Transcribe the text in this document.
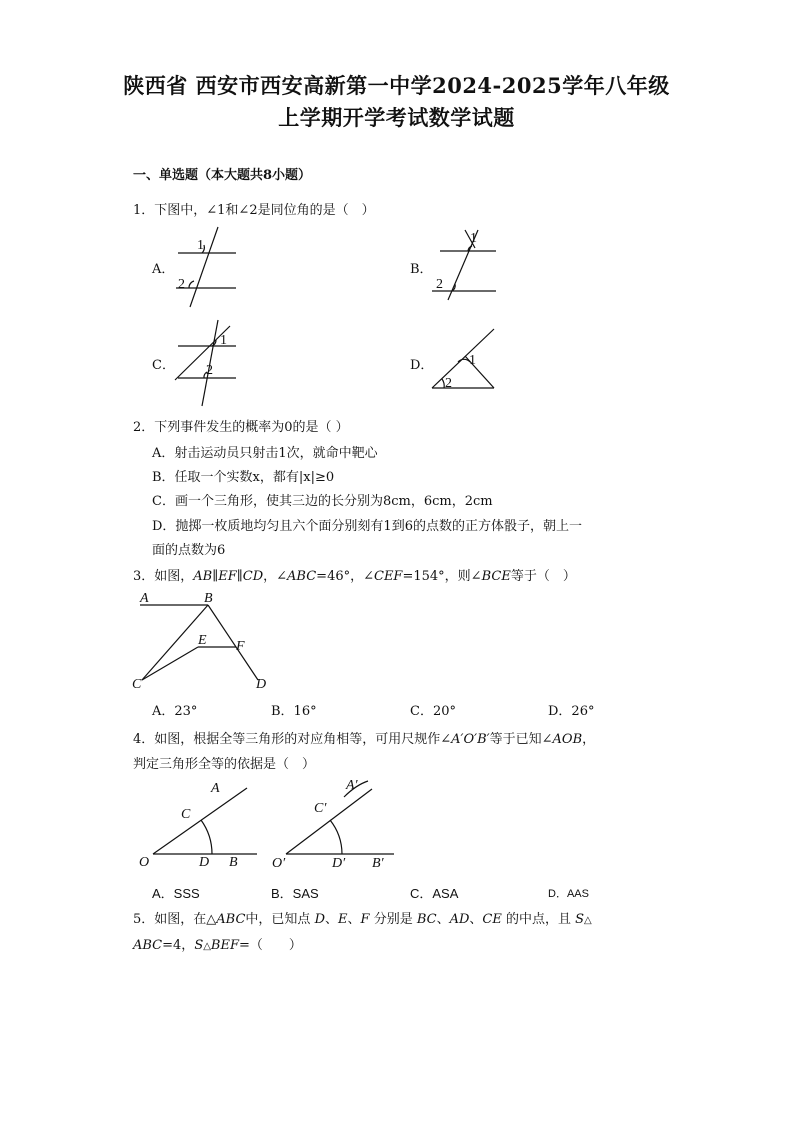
陕西省 西安市西安高新第一中学2024-2025学年八年级
上学期开学考试数学试题
一、单选题（本大题共8小题）
1．下图中，∠1和∠2是同位角的是（　）
A．
1
2
B．
1
2
C．
1
2	D．	1
2
2．下列事件发生的概率为0的是（ ）
A．射击运动员只射击1次，就命中靶心
B．任取一个实数x，都有|x|≥0
C．画一个三角形，使其三边的长分别为8cm，6cm，2cm
D．抛掷一枚质地均匀且六个面分别刻有1到6的点数的正方体骰子，朝上一
面的点数为6
3．如图，AB∥EF∥CD，∠ABC=46°，∠CEF=154°，则∠BCE等于（　）
A	B
C	D
E F
A．23°	B．16°	C．20°	D．26°
4．如图，根据全等三角形的对应角相等，可用尺规作∠A′O′B′等于已知∠AOB，
判定三角形全等的依据是（　）
A
C
O	D B
A′
C′
O′	D′ B′
A．SSS	B．SAS	C．ASA	D．AAS
5．如图，在△ABC中，已知点 D、E、F 分别是 BC、AD、CE 的中点，且 S△
ABC=4，S△BEF=（　　）
